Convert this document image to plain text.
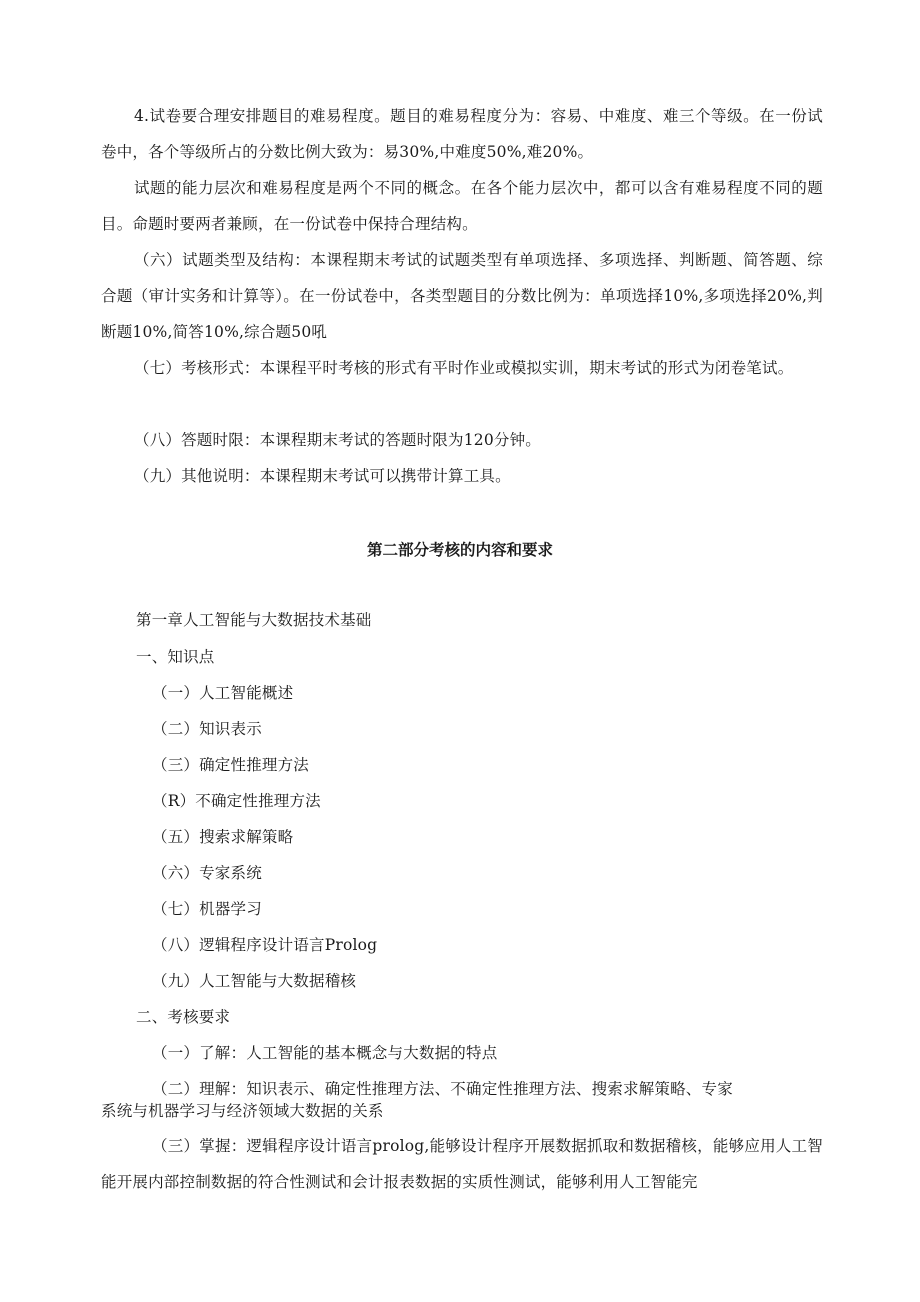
4.试卷要合理安排题目的难易程度。题目的难易程度分为：容易、中难度、难三个等级。在一份试卷中，各个等级所占的分数比例大致为：易30%,中难度50%,难20%。

试题的能力层次和难易程度是两个不同的概念。在各个能力层次中，都可以含有难易程度不同的题目。命题时要两者兼顾，在一份试卷中保持合理结构。

（六）试题类型及结构：本课程期末考试的试题类型有单项选择、多项选择、判断题、简答题、综合题（审计实务和计算等）。在一份试卷中，各类型题目的分数比例为：单项选择10%,多项选择20%,判断题10%,简答10%,综合题50吼

（七）考核形式：本课程平时考核的形式有平时作业或模拟实训，期末考试的形式为闭卷笔试。

（八）答题时限：本课程期末考试的答题时限为120分钟。

（九）其他说明：本课程期末考试可以携带计算工具。

第二部分考核的内容和要求

第一章人工智能与大数据技术基础

一、知识点

（一）人工智能概述

（二）知识表示

（三）确定性推理方法

（R）不确定性推理方法

（五）搜索求解策略

（六）专家系统

（七）机器学习

（八）逻辑程序设计语言Prolog

（九）人工智能与大数据稽核

二、考核要求

（一）了解：人工智能的基本概念与大数据的特点

（二）理解：知识表示、确定性推理方法、不确定性推理方法、搜索求解策略、专家

系统与机器学习与经济领域大数据的关系

（三）掌握：逻辑程序设计语言prolog,能够设计程序开展数据抓取和数据稽核，能够应用人工智能开展内部控制数据的符合性测试和会计报表数据的实质性测试，能够利用人工智能完
